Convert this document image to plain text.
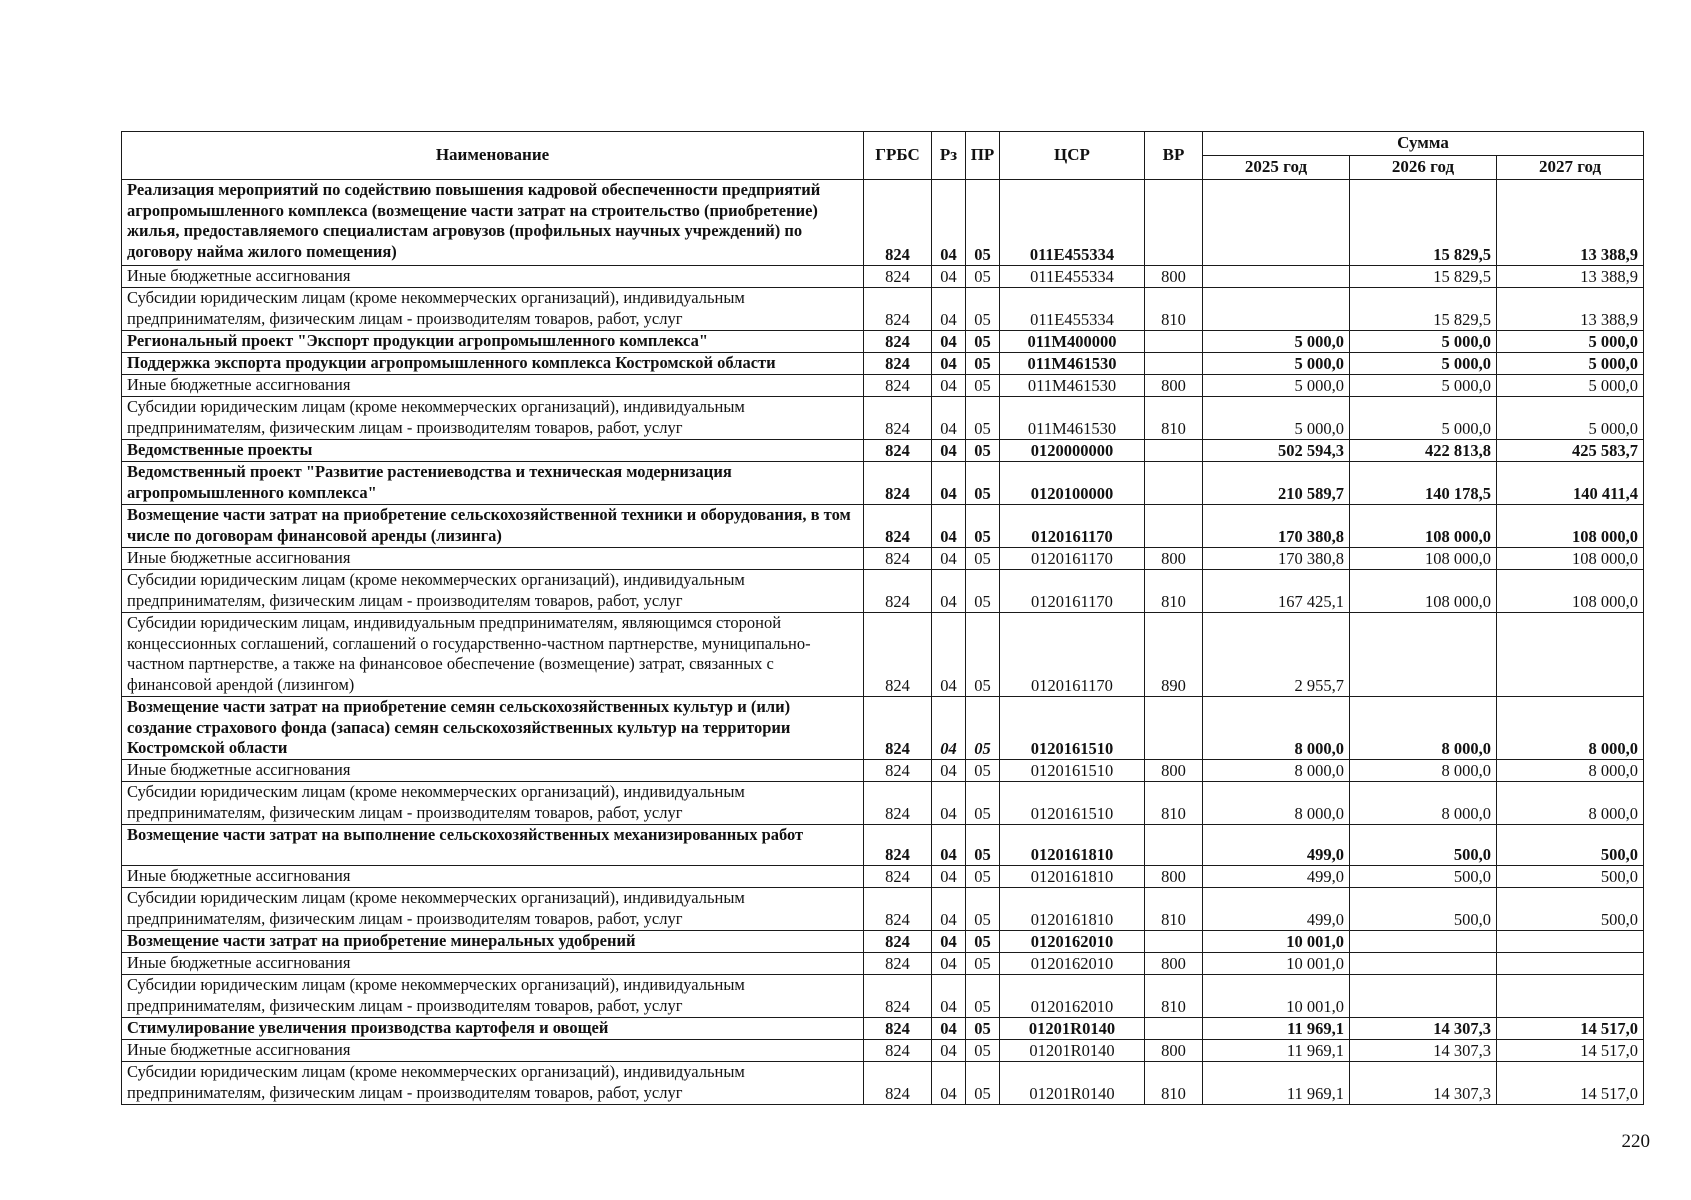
Наименование	ГРБС	Рз	ПР	ЦСР	ВР	Сумма		
						2025 год	2026 год	2027 год
Реализация мероприятий по содействию повышения кадровой обеспеченности предприятий агропромышленного комплекса (возмещение части затрат на строительство (приобретение) жилья, предоставляемого специалистам агровузов (профильных научных учреждений) по договору найма жилого помещения)	824	04	05	011E455334			15 829,5	13 388,9
Иные бюджетные ассигнования	824	04	05	011E455334	800		15 829,5	13 388,9
Субсидии юридическим лицам (кроме некоммерческих организаций), индивидуальным предпринимателям, физическим лицам - производителям товаров, работ, услуг	824	04	05	011E455334	810		15 829,5	13 388,9
Региональный проект "Экспорт продукции агропромышленного комплекса"	824	04	05	011M400000		5 000,0	5 000,0	5 000,0
Поддержка экспорта продукции агропромышленного комплекса Костромской области	824	04	05	011M461530		5 000,0	5 000,0	5 000,0
Иные бюджетные ассигнования	824	04	05	011M461530	800	5 000,0	5 000,0	5 000,0
Субсидии юридическим лицам (кроме некоммерческих организаций), индивидуальным предпринимателям, физическим лицам - производителям товаров, работ, услуг	824	04	05	011M461530	810	5 000,0	5 000,0	5 000,0
Ведомственные проекты	824	04	05	0120000000		502 594,3	422 813,8	425 583,7
Ведомственный проект "Развитие растениеводства и техническая модернизация агропромышленного комплекса"	824	04	05	0120100000		210 589,7	140 178,5	140 411,4
Возмещение части затрат на приобретение сельскохозяйственной техники и оборудования, в том числе по договорам финансовой аренды (лизинга)	824	04	05	0120161170		170 380,8	108 000,0	108 000,0
Иные бюджетные ассигнования	824	04	05	0120161170	800	170 380,8	108 000,0	108 000,0
Субсидии юридическим лицам (кроме некоммерческих организаций), индивидуальным предпринимателям, физическим лицам - производителям товаров, работ, услуг	824	04	05	0120161170	810	167 425,1	108 000,0	108 000,0
Субсидии юридическим лицам, индивидуальным предпринимателям, являющимся стороной концессионных соглашений, соглашений о государственно-частном партнерстве, муниципально-частном партнерстве, а также на финансовое обеспечение (возмещение) затрат, связанных с финансовой арендой (лизингом)	824	04	05	0120161170	890	2 955,7		
Возмещение части затрат на приобретение семян сельскохозяйственных культур и (или) создание страхового фонда (запаса) семян сельскохозяйственных культур на территории Костромской области	824	04	05	0120161510		8 000,0	8 000,0	8 000,0
Иные бюджетные ассигнования	824	04	05	0120161510	800	8 000,0	8 000,0	8 000,0
Субсидии юридическим лицам (кроме некоммерческих организаций), индивидуальным предпринимателям, физическим лицам - производителям товаров, работ, услуг	824	04	05	0120161510	810	8 000,0	8 000,0	8 000,0
Возмещение части затрат на выполнение сельскохозяйственных механизированных работ	824	04	05	0120161810		499,0	500,0	500,0
Иные бюджетные ассигнования	824	04	05	0120161810	800	499,0	500,0	500,0
Субсидии юридическим лицам (кроме некоммерческих организаций), индивидуальным предпринимателям, физическим лицам - производителям товаров, работ, услуг	824	04	05	0120161810	810	499,0	500,0	500,0
Возмещение части затрат на приобретение минеральных удобрений	824	04	05	0120162010		10 001,0		
Иные бюджетные ассигнования	824	04	05	0120162010	800	10 001,0		
Субсидии юридическим лицам (кроме некоммерческих организаций), индивидуальным предпринимателям, физическим лицам - производителям товаров, работ, услуг	824	04	05	0120162010	810	10 001,0		
Стимулирование увеличения производства картофеля и овощей	824	04	05	01201R0140		11 969,1	14 307,3	14 517,0
Иные бюджетные ассигнования	824	04	05	01201R0140	800	11 969,1	14 307,3	14 517,0
Субсидии юридическим лицам (кроме некоммерческих организаций), индивидуальным предпринимателям, физическим лицам - производителям товаров, работ, услуг	824	04	05	01201R0140	810	11 969,1	14 307,3	14 517,0
220
